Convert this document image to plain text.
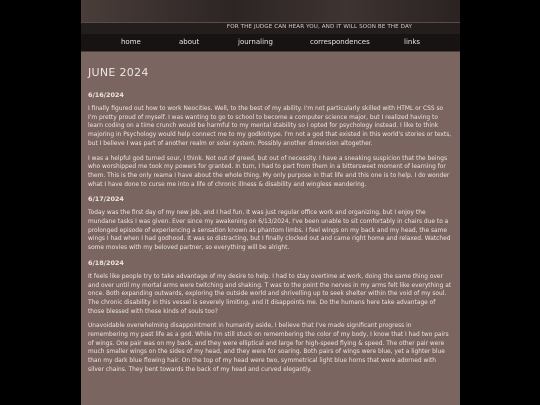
FOR THE JUDGE CAN HEAR YOU, AND IT WILL SOON BE THE DAY
home	about	journaling	correspondences	links
JUNE 2024
6/16/2024

I finally figured out how to work Neocities. Well, to the best of my ability. I'm not particularly skilled with HTML or CSS so I'm pretty proud of myself. I was wanting to go to school to become a computer science major, but I realized having to learn coding on a time crunch would be harmful to my mental stability so I opted for psychology instead. I like to think majoring in Psychology would help connect me to my godkintype. I'm not a god that existed in this world's stories or texts, but I believe I was part of another realm or solar system. Possibly another dimension altogether.

I was a helpful god turned sour, I think. Not out of greed, but out of necessity. I have a sneaking suspicion that the beings who worshipped me took my powers for granted. In turn, I had to part from them in a bittersweet moment of learning for them. This is the only reama I have about the whole thing. My only purpose in that life and this one is to help. I do wonder what I have done to curse me into a life of chronic illness & disability and wingless wandering.

6/17/2024

Today was the first day of my new job, and I had fun. It was just regular office work and organizing, but I enjoy the mundane tasks I was given. Ever since my awakening on 6/13/2024, I've been unable to sit comfortably in chairs due to a prolonged episode of experiencing a sensation known as phantom limbs. I feel wings on my back and my head, the same wings I had when I had godhood. It was so distracting, but I finally clocked out and came right home and relaxed. Watched some movies with my beloved partner, so everything will be alright.

6/18/2024

It feels like people try to take advantage of my desire to help. I had to stay overtime at work, doing the same thing over and over until my mortal arms were twitching and shaking. T was to the point the nerves in my arms felt like everything at once. Both expanding outwards, exploring the outside world and shrivelling up to seek shelter within the void of my soul. The chronic disability in this vessel is severely limiting, and it disappoints me. Do the humans here take advantage of those blessed with these kinds of souls too?

Unavoidable overwhelming disappointment in humanity aside, I believe that I've made significant progress in remembering my past life as a god. While I'm still stuck on remembering the color of my body, I know that I had two pairs of wings. One pair was on my back, and they were elliptical and large for high-speed flying & speed. The other pair were much smaller wings on the sides of my head, and they were for soaring. Both pairs of wings were blue, yet a lighter blue than my dark blue flowing hair. On the top of my head were two, symmetrical light blue horns that were adorned with silver chains. They bent towards the back of my head and curved elegantly.
